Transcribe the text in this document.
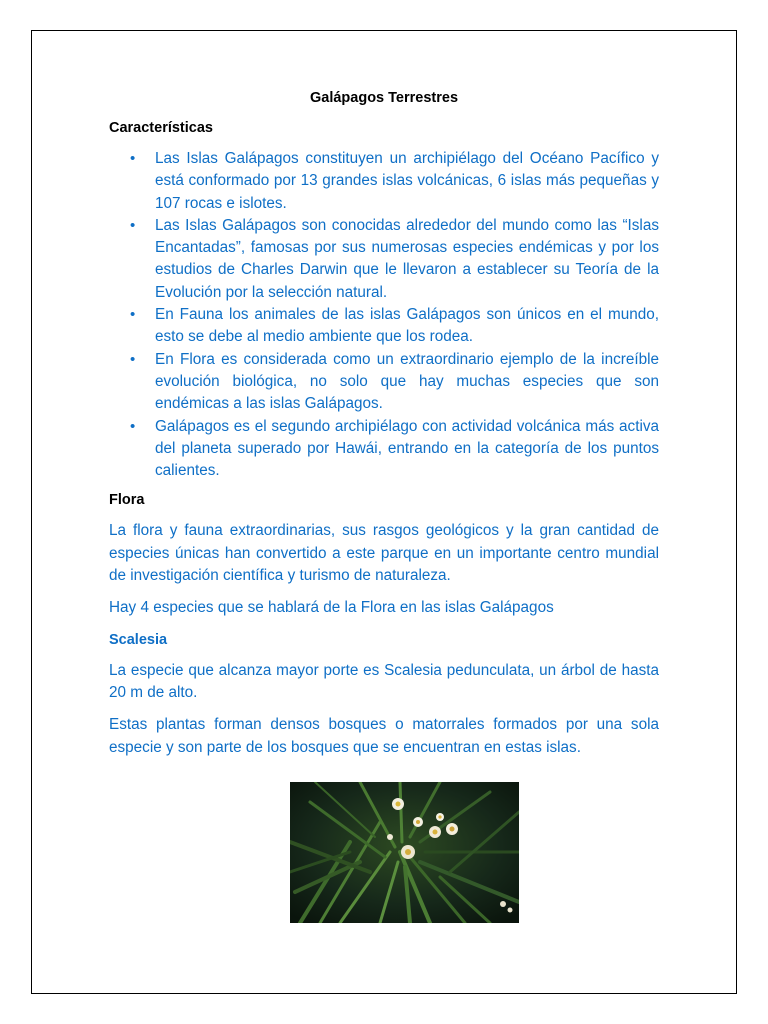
Galápagos Terrestres
Características
• Las Islas Galápagos constituyen un archipiélago del Océano Pacífico y está conformado por 13 grandes islas volcánicas, 6 islas más pequeñas y 107 rocas e islotes.
• Las Islas Galápagos son conocidas alrededor del mundo como las “Islas Encantadas”, famosas por sus numerosas especies endémicas y por los estudios de Charles Darwin que le llevaron a establecer su Teoría de la Evolución por la selección natural.
• En Fauna los animales de las islas Galápagos son únicos en el mundo, esto se debe al medio ambiente que los rodea.
• En Flora es considerada como un extraordinario ejemplo de la increíble evolución biológica, no solo que hay muchas especies que son endémicas a las islas Galápagos.
• Galápagos es el segundo archipiélago con actividad volcánica más activa del planeta superado por Hawái, entrando en la categoría de los puntos calientes.
Flora

La flora y fauna extraordinarias, sus rasgos geológicos y la gran cantidad de especies únicas han convertido a este parque en un importante centro mundial de investigación científica y turismo de naturaleza.

Hay 4 especies que se hablará de la Flora en las islas Galápagos

Scalesia

La especie que alcanza mayor porte es Scalesia pedunculata, un árbol de hasta 20 m de alto.

Estas plantas forman densos bosques o matorrales formados por una sola especie y son parte de los bosques que se encuentran en estas islas.
